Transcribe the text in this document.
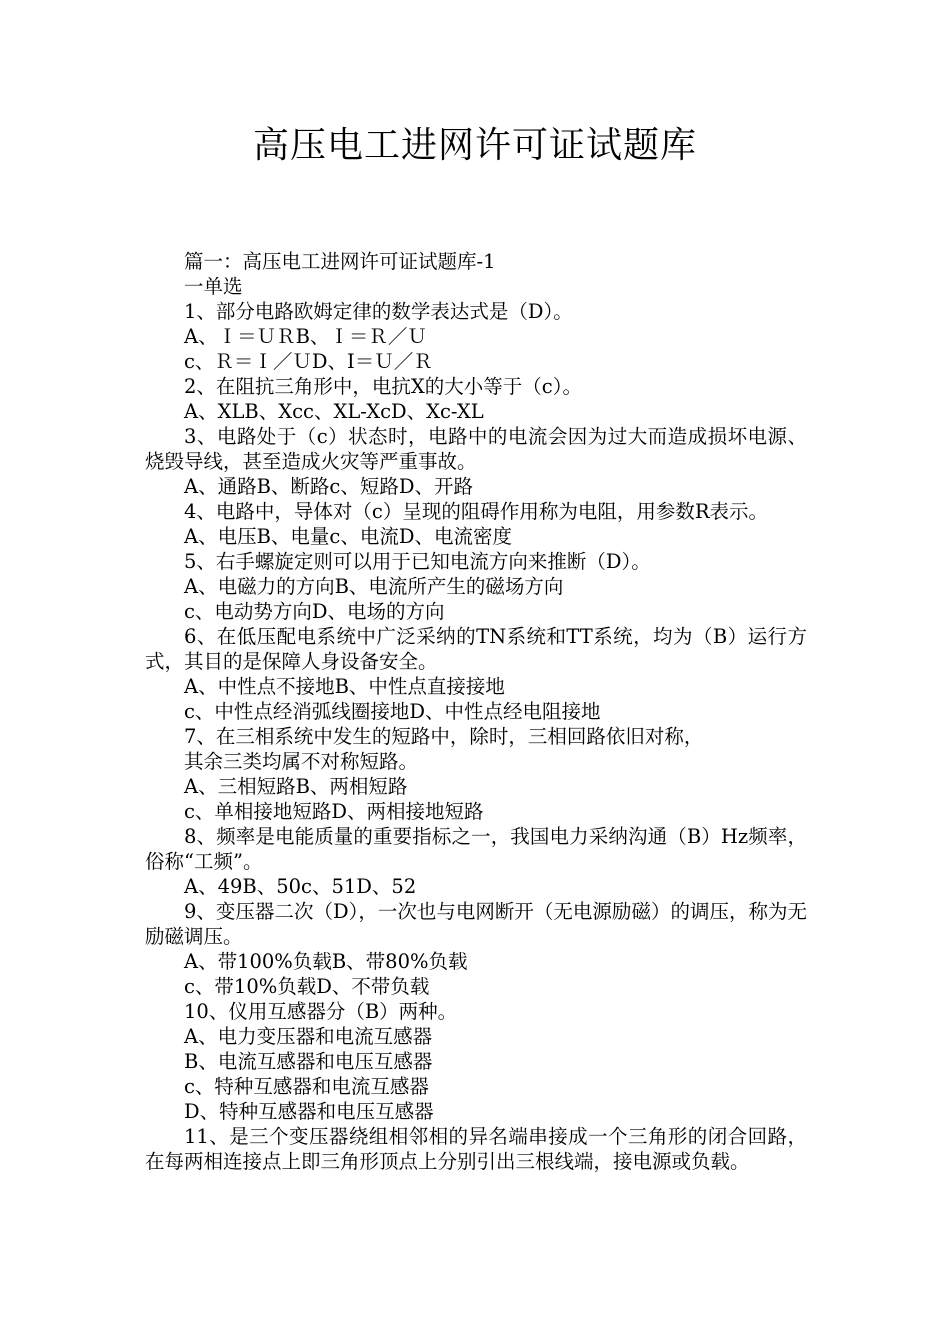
高压电工进网许可证试题库

篇一：高压电工进网许可证试题库-1

一单选

1、部分电路欧姆定律的数学表达式是（D）。

A、Ｉ＝ＵＲB、Ｉ＝Ｒ／Ｕ

c、Ｒ＝Ｉ／ＵD、I＝Ｕ／Ｒ

2、在阻抗三角形中，电抗X的大小等于（c）。

A、XLB、Xcc、XL-XcD、Xc-XL

3、电路处于（c）状态时，电路中的电流会因为过大而造成损坏电源、烧毁导线，甚至造成火灾等严重事故。

A、通路B、断路c、短路D、开路

4、电路中，导体对（c）呈现的阻碍作用称为电阻，用参数R表示。

A、电压B、电量c、电流D、电流密度

5、右手螺旋定则可以用于已知电流方向来推断（D）。

A、电磁力的方向B、电流所产生的磁场方向

c、电动势方向D、电场的方向

6、在低压配电系统中广泛采纳的TN系统和TT系统，均为（B）运行方式，其目的是保障人身设备安全。

A、中性点不接地B、中性点直接接地

c、中性点经消弧线圈接地D、中性点经电阻接地

7、在三相系统中发生的短路中，除时，三相回路依旧对称，

其余三类均属不对称短路。

A、三相短路B、两相短路

c、单相接地短路D、两相接地短路

8、频率是电能质量的重要指标之一，我国电力采纳沟通（B）Hz频率，俗称“工频”。

A、49B、50c、51D、52

9、变压器二次（D），一次也与电网断开（无电源励磁）的调压，称为无励磁调压。

A、带100%负载B、带80%负载

c、带10%负载D、不带负载

10、仪用互感器分（B）两种。

A、电力变压器和电流互感器

B、电流互感器和电压互感器

c、特种互感器和电流互感器

D、特种互感器和电压互感器

11、是三个变压器绕组相邻相的异名端串接成一个三角形的闭合回路，在每两相连接点上即三角形顶点上分别引出三根线端，接电源或负载。
